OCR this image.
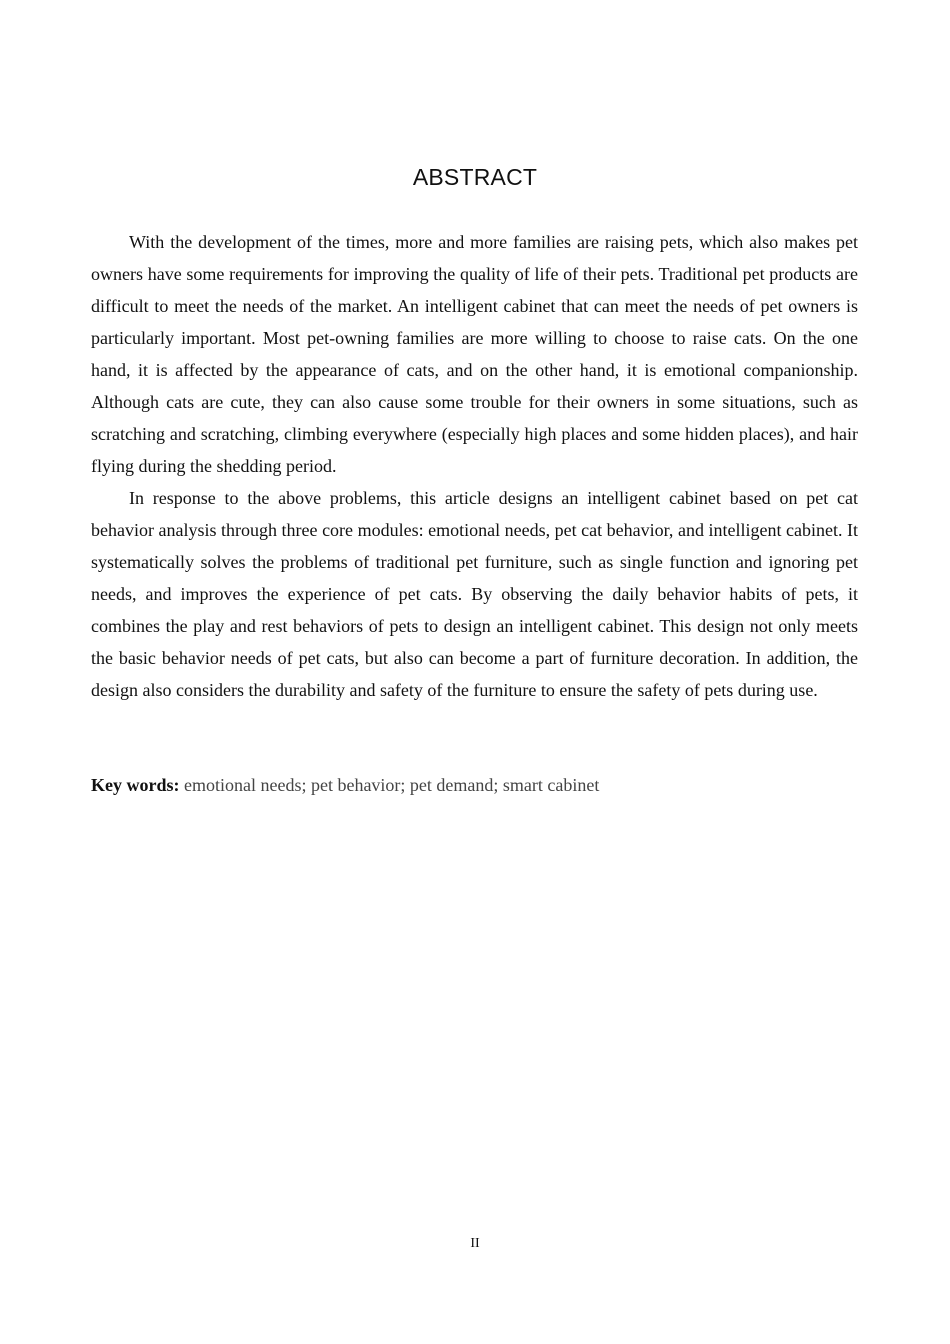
ABSTRACT

With the development of the times, more and more families are raising pets, which also makes pet owners have some requirements for improving the quality of life of their pets. Traditional pet products are difficult to meet the needs of the market. An intelligent cabinet that can meet the needs of pet owners is particularly important. Most pet-owning families are more willing to choose to raise cats. On the one hand, it is affected by the appearance of cats, and on the other hand, it is emotional companionship. Although cats are cute, they can also cause some trouble for their owners in some situations, such as scratching and scratching, climbing everywhere (especially high places and some hidden places), and hair flying during the shedding period.

In response to the above problems, this article designs an intelligent cabinet based on pet cat behavior analysis through three core modules: emotional needs, pet cat behavior, and intelligent cabinet. It systematically solves the problems of traditional pet furniture, such as single function and ignoring pet needs, and improves the experience of pet cats. By observing the daily behavior habits of pets, it combines the play and rest behaviors of pets to design an intelligent cabinet. This design not only meets the basic behavior needs of pet cats, but also can become a part of furniture decoration. In addition, the design also considers the durability and safety of the furniture to ensure the safety of pets during use.

Key words: emotional needs; pet behavior; pet demand; smart cabinet

II
